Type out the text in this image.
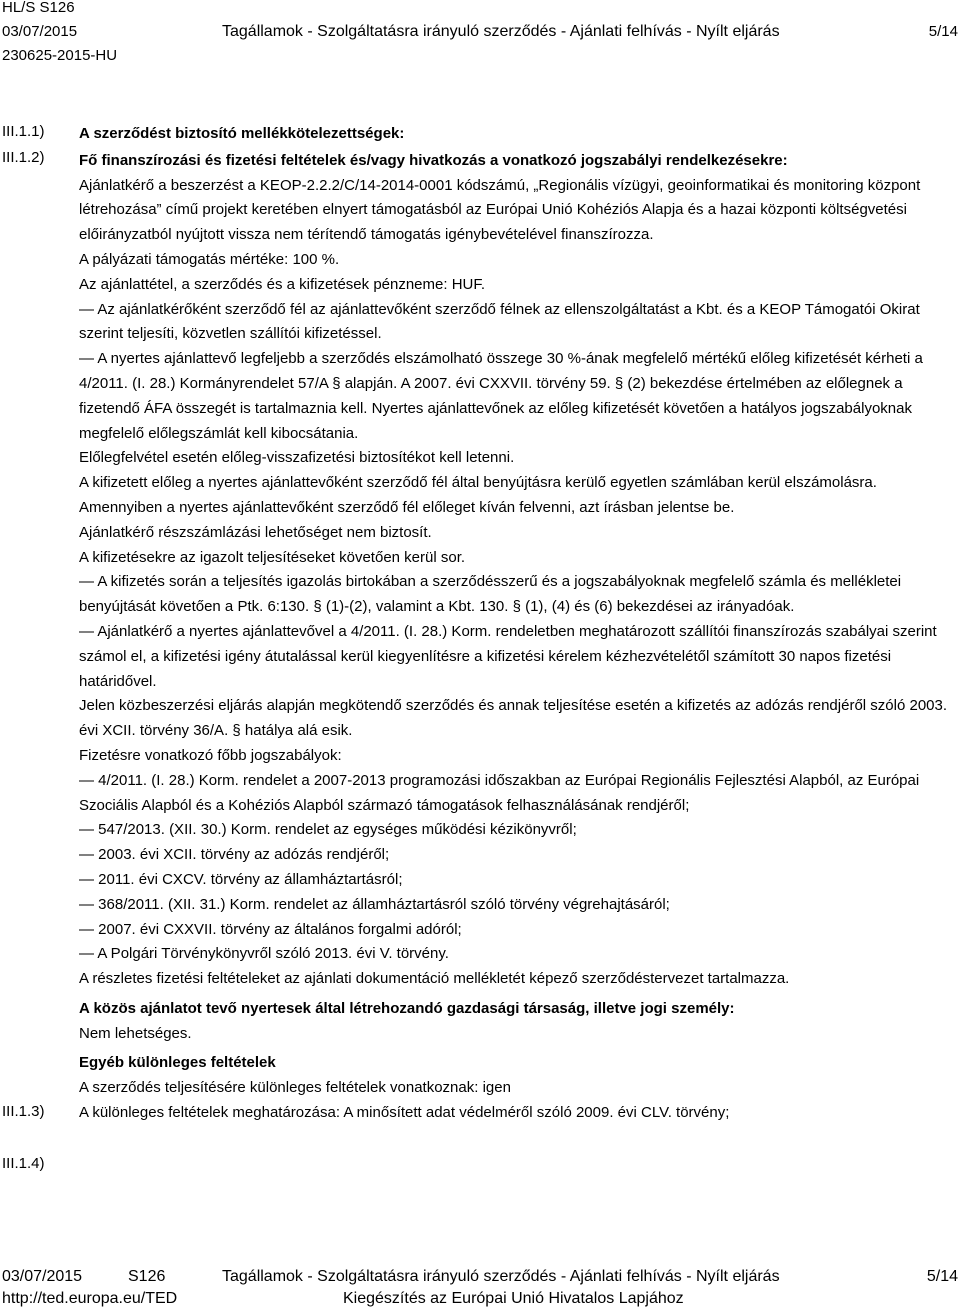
HL/S S126
03/07/2015
230625-2015-HU
Tagállamok - Szolgáltatásra irányuló szerződés - Ajánlati felhívás - Nyílt eljárás	5/14
III.1.1)
III.1.2)
III.1.3)
III.1.4)

A szerződést biztosító mellékkötelezettségek:

Fő finanszírozási és fizetési feltételek és/vagy hivatkozás a vonatkozó jogszabályi rendelkezésekre:

Ajánlatkérő a beszerzést a KEOP-2.2.2/C/14-2014-0001 kódszámú, „Regionális vízügyi, geoinformatikai és monitoring központ létrehozása” című projekt keretében elnyert támogatásból az Európai Unió Kohéziós Alapja és a hazai központi költségvetési előirányzatból nyújtott vissza nem térítendő támogatás igénybevételével finanszírozza.

A pályázati támogatás mértéke: 100 %.

Az ajánlattétel, a szerződés és a kifizetések pénzneme: HUF.

— Az ajánlatkérőként szerződő fél az ajánlattevőként szerződő félnek az ellenszolgáltatást a Kbt. és a KEOP Támogatói Okirat szerint teljesíti, közvetlen szállítói kifizetéssel.

— A nyertes ajánlattevő legfeljebb a szerződés elszámolható összege 30 %-ának megfelelő mértékű előleg kifizetését kérheti a 4/2011. (I. 28.) Kormányrendelet 57/A § alapján. A 2007. évi CXXVII. törvény 59. § (2) bekezdése értelmében az előlegnek a fizetendő ÁFA összegét is tartalmaznia kell. Nyertes ajánlattevőnek az előleg kifizetését követően a hatályos jogszabályoknak megfelelő előlegszámlát kell kibocsátania.

Előlegfelvétel esetén előleg-visszafizetési biztosítékot kell letenni.

A kifizetett előleg a nyertes ajánlattevőként szerződő fél által benyújtásra kerülő egyetlen számlában kerül elszámolásra.

Amennyiben a nyertes ajánlattevőként szerződő fél előleget kíván felvenni, azt írásban jelentse be.

Ajánlatkérő részszámlázási lehetőséget nem biztosít.

A kifizetésekre az igazolt teljesítéseket követően kerül sor.

— A kifizetés során a teljesítés igazolás birtokában a szerződésszerű és a jogszabályoknak megfelelő számla és mellékletei benyújtását követően a Ptk. 6:130. § (1)-(2), valamint a Kbt. 130. § (1), (4) és (6) bekezdései az irányadóak.

— Ajánlatkérő a nyertes ajánlattevővel a 4/2011. (I. 28.) Korm. rendeletben meghatározott szállítói finanszírozás szabályai szerint számol el, a kifizetési igény átutalással kerül kiegyenlítésre a kifizetési kérelem kézhezvételétől számított 30 napos fizetési határidővel.

Jelen közbeszerzési eljárás alapján megkötendő szerződés és annak teljesítése esetén a kifizetés az adózás rendjéről szóló 2003. évi XCII. törvény 36/A. § hatálya alá esik.

Fizetésre vonatkozó főbb jogszabályok:

— 4/2011. (I. 28.) Korm. rendelet a 2007-2013 programozási időszakban az Európai Regionális Fejlesztési Alapból, az Európai Szociális Alapból és a Kohéziós Alapból származó támogatások felhasználásának rendjéről;

— 547/2013. (XII. 30.) Korm. rendelet az egységes működési kézikönyvről;

— 2003. évi XCII. törvény az adózás rendjéről;

— 2011. évi CXCV. törvény az államháztartásról;

— 368/2011. (XII. 31.) Korm. rendelet az államháztartásról szóló törvény végrehajtásáról;

— 2007. évi CXXVII. törvény az általános forgalmi adóról;

— A Polgári Törvénykönyvről szóló 2013. évi V. törvény.

A részletes fizetési feltételeket az ajánlati dokumentáció mellékletét képező szerződéstervezet tartalmazza.

A közös ajánlatot tevő nyertesek által létrehozandó gazdasági társaság, illetve jogi személy:

Nem lehetséges.

Egyéb különleges feltételek

A szerződés teljesítésére különleges feltételek vonatkoznak: igen

A különleges feltételek meghatározása: A minősített adat védelméről szóló 2009. évi CLV. törvény;

03/07/2015	S126	Tagállamok - Szolgáltatásra irányuló szerződés - Ajánlati felhívás - Nyílt eljárás	5/14
http://ted.europa.eu/TED	Kiegészítés az Európai Unió Hivatalos Lapjához
